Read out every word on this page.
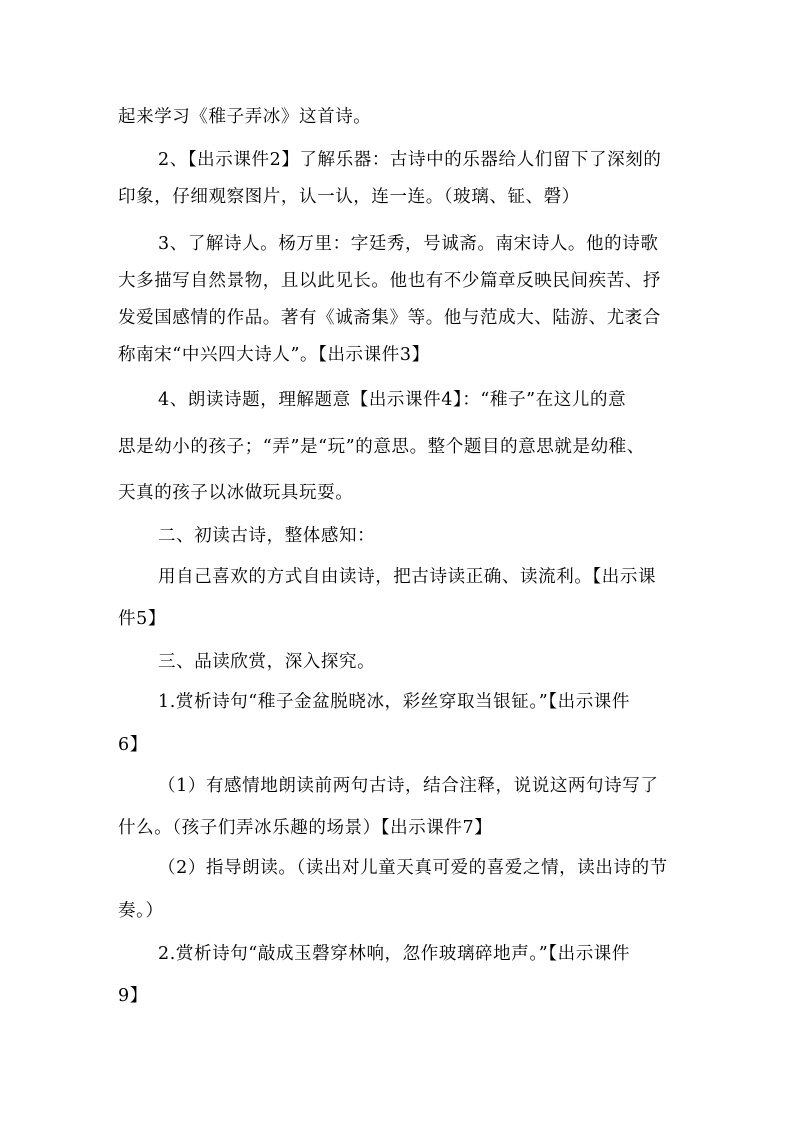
起来学习《稚子弄冰》这首诗。
2、【出示课件2】了解乐器：古诗中的乐器给人们留下了深刻的
印象，仔细观察图片，认一认，连一连。（玻璃、钲、磬）
3、了解诗人。杨万里：字廷秀，号诚斋。南宋诗人。他的诗歌
大多描写自然景物，且以此见长。他也有不少篇章反映民间疾苦、抒
发爱国感情的作品。著有《诚斋集》等。他与范成大、陆游、尤袤合
称南宋“中兴四大诗人”。【出示课件3】
4、朗读诗题，理解题意【出示课件4】：“稚子”在这儿的意
思是幼小的孩子；“弄”是“玩”的意思。整个题目的意思就是幼稚、
天真的孩子以冰做玩具玩耍。
二、初读古诗，整体感知：
用自己喜欢的方式自由读诗，把古诗读正确、读流利。【出示课
件5】
三、品读欣赏，深入探究。
1.赏析诗句“稚子金盆脱晓冰，彩丝穿取当银钲。”【出示课件
6】
（1）有感情地朗读前两句古诗，结合注释，说说这两句诗写了
什么。（孩子们弄冰乐趣的场景）【出示课件7】
（2）指导朗读。（读出对儿童天真可爱的喜爱之情，读出诗的节
奏。）
2.赏析诗句“敲成玉磬穿林响，忽作玻璃碎地声。”【出示课件
9】
